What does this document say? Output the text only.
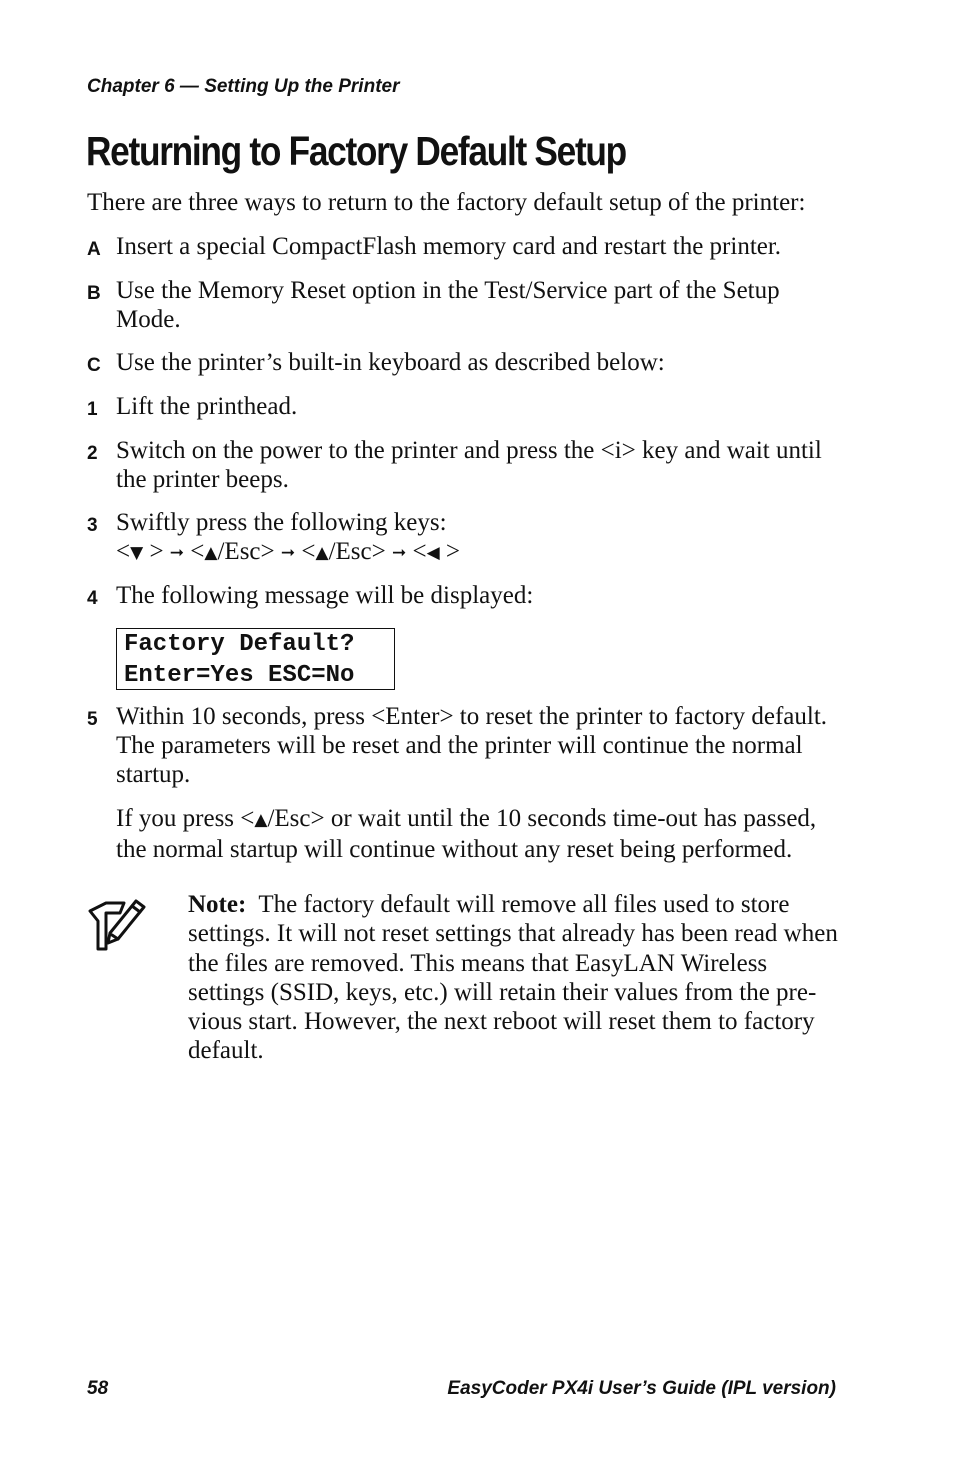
Chapter 6 — Setting Up the Printer
Returning to Factory Default Setup
There are three ways to return to the factory default setup of the printer:
A Insert a special CompactFlash memory card and restart the printer.
B Use the Memory Reset option in the Test/Service part of the Setup Mode.
C Use the printer’s built-in keyboard as described below:
1 Lift the printhead.
2 Switch on the power to the printer and press the <i> key and wait until the printer beeps.
3 Swiftly press the following keys:
<▼ > ➞ <▲/Esc> ➞ <▲/Esc> ➞ <◀ >
4 The following message will be displayed:
Factory Default?
Enter=Yes ESC=No
5 Within 10 seconds, press <Enter> to reset the printer to factory default. The parameters will be reset and the printer will continue the normal startup.
If you press <▲/Esc> or wait until the 10 seconds time-out has passed, the normal startup will continue without any reset being performed.
Note: The factory default will remove all files used to store settings. It will not reset settings that already has been read when the files are removed. This means that EasyLAN Wireless settings (SSID, keys, etc.) will retain their values from the pre-vious start. However, the next reboot will reset them to factory default.
58	EasyCoder PX4i User’s Guide (IPL version)
